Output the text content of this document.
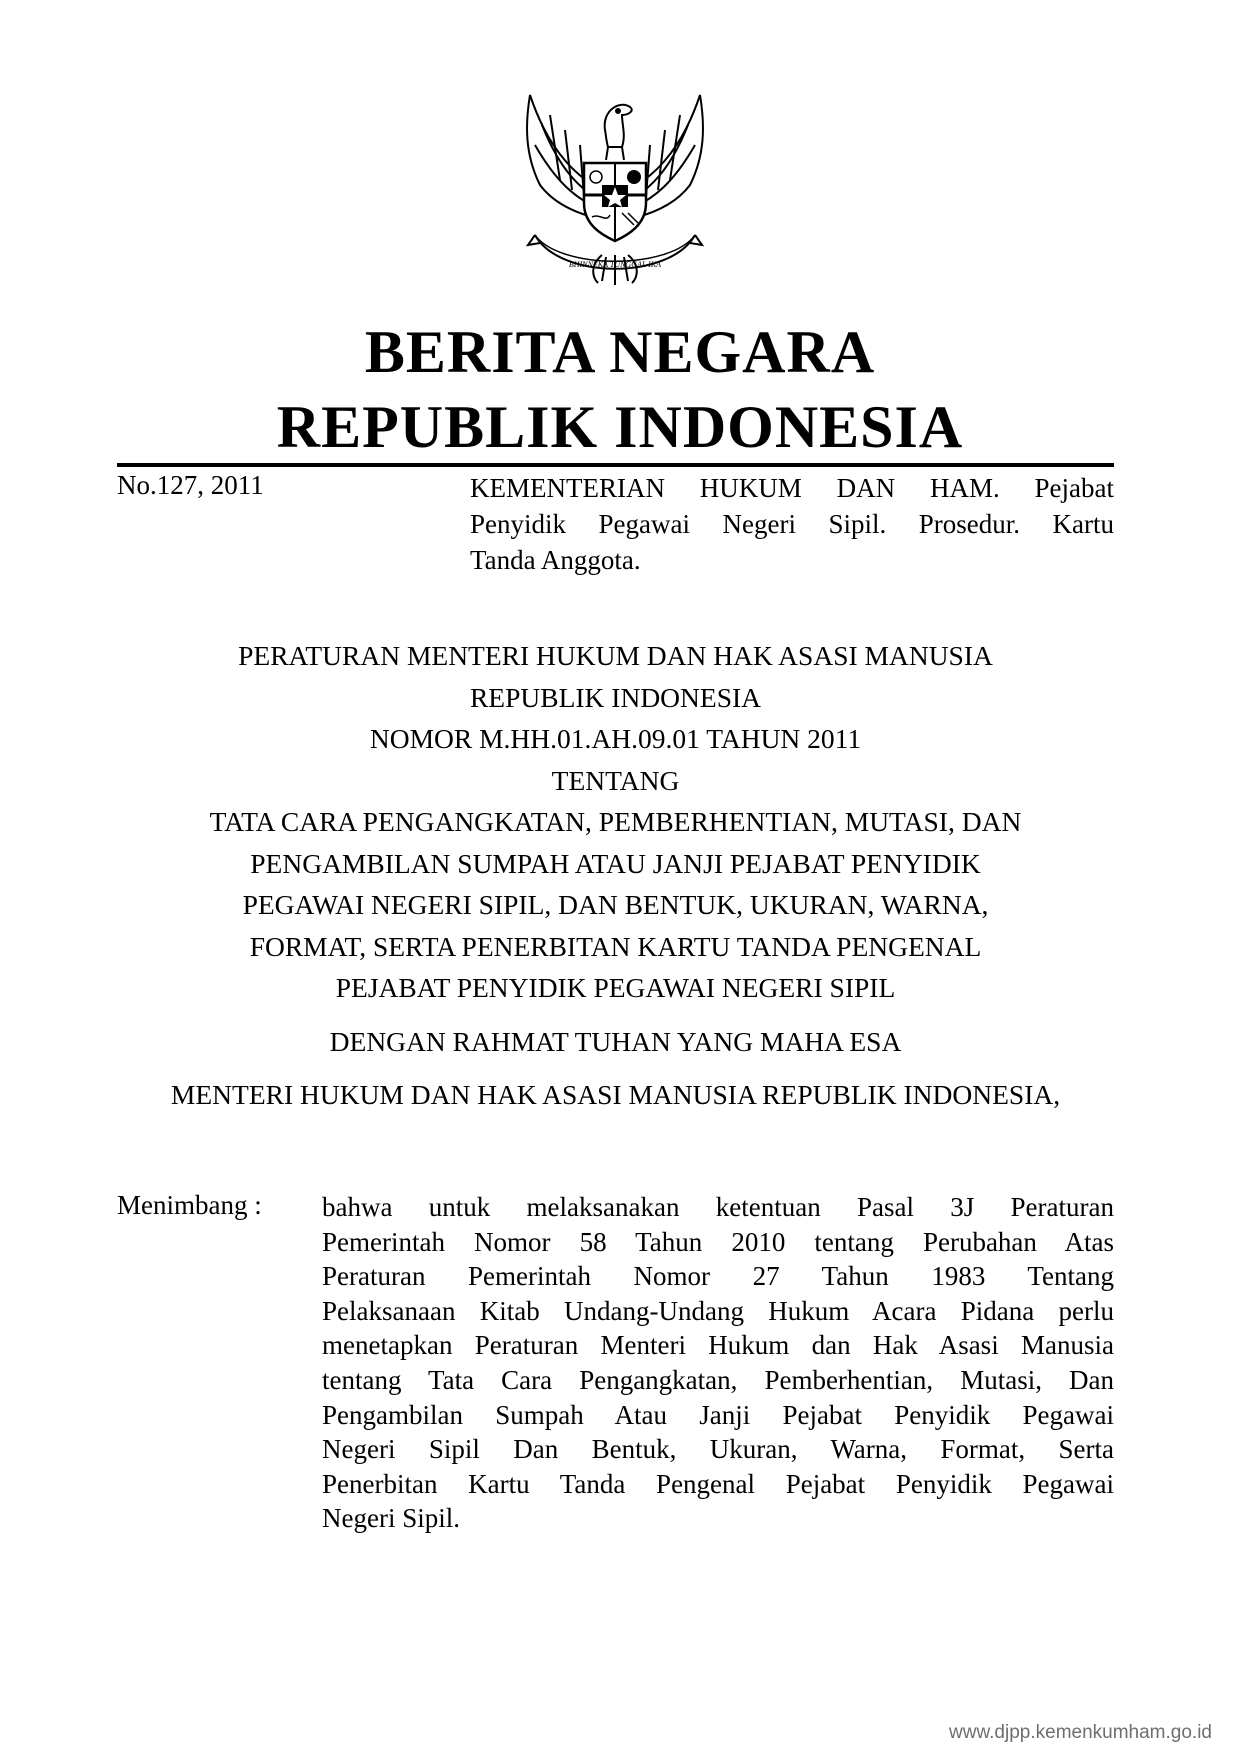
BHINNEKA TUNGGAL IKA
BERITA NEGARA
REPUBLIK INDONESIA
No.127, 2011	KEMENTERIAN HUKUM DAN HAM. Pejabat
Penyidik Pegawai Negeri Sipil. Prosedur. Kartu
Tanda Anggota.
PERATURAN MENTERI HUKUM DAN HAK ASASI MANUSIA
REPUBLIK INDONESIA
NOMOR M.HH.01.AH.09.01 TAHUN 2011
TENTANG
TATA CARA PENGANGKATAN, PEMBERHENTIAN, MUTASI, DAN
PENGAMBILAN SUMPAH ATAU JANJI PEJABAT PENYIDIK
PEGAWAI NEGERI SIPIL, DAN BENTUK, UKURAN, WARNA,
FORMAT, SERTA PENERBITAN KARTU TANDA PENGENAL
PEJABAT PENYIDIK PEGAWAI NEGERI SIPIL
DENGAN RAHMAT TUHAN YANG MAHA ESA
MENTERI HUKUM DAN HAK ASASI MANUSIA REPUBLIK INDONESIA,
Menimbang : bahwa untuk melaksanakan ketentuan Pasal 3J Peraturan
Pemerintah Nomor 58 Tahun 2010 tentang Perubahan Atas
Peraturan Pemerintah Nomor 27 Tahun 1983 Tentang
Pelaksanaan Kitab Undang-Undang Hukum Acara Pidana perlu
menetapkan Peraturan Menteri Hukum dan Hak Asasi Manusia
tentang Tata Cara Pengangkatan, Pemberhentian, Mutasi, Dan
Pengambilan Sumpah Atau Janji Pejabat Penyidik Pegawai
Negeri Sipil Dan Bentuk, Ukuran, Warna, Format, Serta
Penerbitan Kartu Tanda Pengenal Pejabat Penyidik Pegawai
Negeri Sipil.
www.djpp.kemenkumham.go.id
